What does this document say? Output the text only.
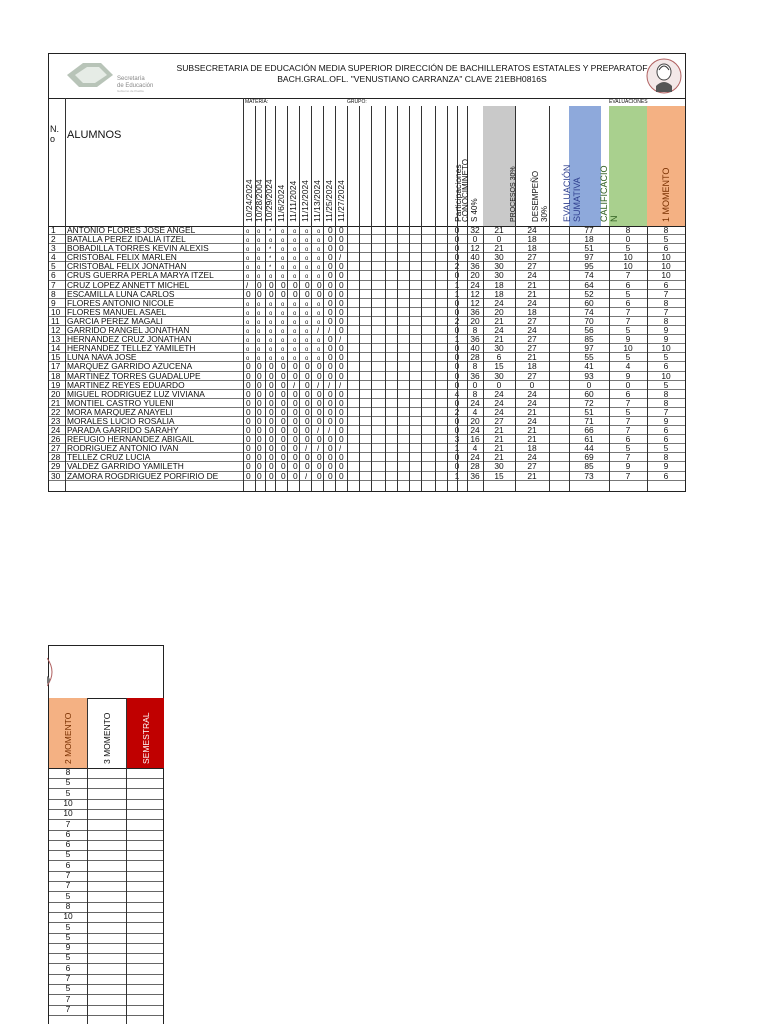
Secretaría
de Educación
Gobierno de Puebla
SUBSECRETARIA DE EDUCACIÓN MEDIA SUPERIOR DIRECCIÓN DE BACHILLERATOS ESTATALES Y PREPARATOF
BACH.GRAL.OFL. "VENUSTIANO CARRANZA" CLAVE 21EBH0816S
N.
o	ALUMNOS
MATERIA:	GRUPO:	EVALUACIONES
10/24/2024 10/28/2004 10/29/2024 11/6/2024 11/11/2024 11/12/2024 11/13/2024 11/25/2024 11/27/2024	Participaciones
CONOCIMINETO S 40%	PROCESOS 30% DESEMPEÑO 30% EVALUACIÓN SUMATIVA CALIFICACIO N	1 MOMENTO
1	ANTONIO FLORES JOSE ANGEL	o o * o o o o 0 0	0	32	21	24	77	8	8
2	BATALLA PEREZ IDALIA ITZEL	o o o o o o o 0 0	0	0	0	18	18	0	5
3	BOBADILLA TORRES KEVIN ALEXIS	o o * o o o o 0 0	0	12	21	18	51	5	6
4	CRISTOBAL FELIX MARLEN	o o * o o o o 0 /	0	40	30	27	97	10	10
5	CRISTOBAL FELIX JONATHAN	o o * o o o o 0 0	2	36	30	27	95	10	10
6	CRUS GUERRA PERLA MARYA ITZEL	o o o o o o o 0 0	0	20	30	24	74	7	10
7	CRUZ LOPEZ ANNETT MICHEL	/ 0 0 0 0 0 0 0 0	1	24	18	21	64	6	6
8	ESCAMILLA LUNA CARLOS	0 0 0 0 0 0 0 0 0	1	12	18	21	52	5	7
9	FLORES ANTONIO NICOLE	o o o o o o o 0 0	0	12	24	24	60	6	8
10 FLORES MANUEL ASAEL	o o o o o o o 0 0	0	36	20	18	74	7	7
11 GARCIA PEREZ MAGALI	o o o o o o o 0 0	2	20	21	27	70	7	8
12 GARRIDO RANGEL JONATHAN	o o o o o o / / 0	0	8	24	24	56	5	9
13 HERNANDEZ CRUZ JONATHAN	o o o o o o o 0 /	1	36	21	27	85	9	9
14 HERNANDEZ TELLEZ YAMILETH	o o o o o o o 0 0	0	40	30	27	97	10	10
15 LUNA NAVA JOSE	o o o o o o o 0 0	0	28	6	21	55	5	5
17 MARQUEZ GARRIDO AZUCENA	0 0 0 0 0 0 0 0 0	0	8	15	18	41	4	6
18 MARTINEZ TORRES GUADALUPE	0 0 0 0 0 0 0 0 0	0	36	30	27	93	9	10
19 MARTINEZ REYES EDUARDO	0 0 0 0 / 0 / / /	0	0	0	0	0	0	5
20 MIGUEL RODRIGUEZ LUZ VIVIANA	0 0 0 0 0 0 0 0 0	4	8	24	24	60	6	8
21 MONTIEL CASTRO YULENI	0 0 0 0 0 0 0 0 0	0	24	24	24	72	7	8
22 MORA MARQUEZ ANAYELI	0 0 0 0 0 0 0 0 0	2	4	24	21	51	5	7
23 MORALES LUCIO ROSALIA	0 0 0 0 0 0 0 0 0	0	20	27	24	71	7	9
24 PARADA GARRIDO SARAHY	0 0 0 0 0 0 / / 0	0	24	21	21	66	7	6
26 REFUGIO HERNANDEZ ABIGAIL	0 0 0 0 0 0 0 0 0	3	16	21	21	61	6	6
27 RODRIGUEZ ANTONIO IVAN	0 0 0 0 0 / / 0 /	1	4	21	18	44	5	5
28 TELLEZ CRUZ LUCIA	0 0 0 0 0 0 0 0 0	0	24	21	24	69	7	8
29 VALDEZ GARRIDO YAMILETH	0 0 0 0 0 0 0 0 0	0	28	30	27	85	9	9
30 ZAMORA ROGDRIGUEZ PORFIRIO DE	0 0 0 0 0 / 0 0 0	1	36	15	21	73	7	6
2 MOMENTO	3 MOMENTO	SEMESTRAL
8
5
5
10
10
7
6
6
5
6
7
7
5
8
10
5
5
9
5
6
7
5
7
7
